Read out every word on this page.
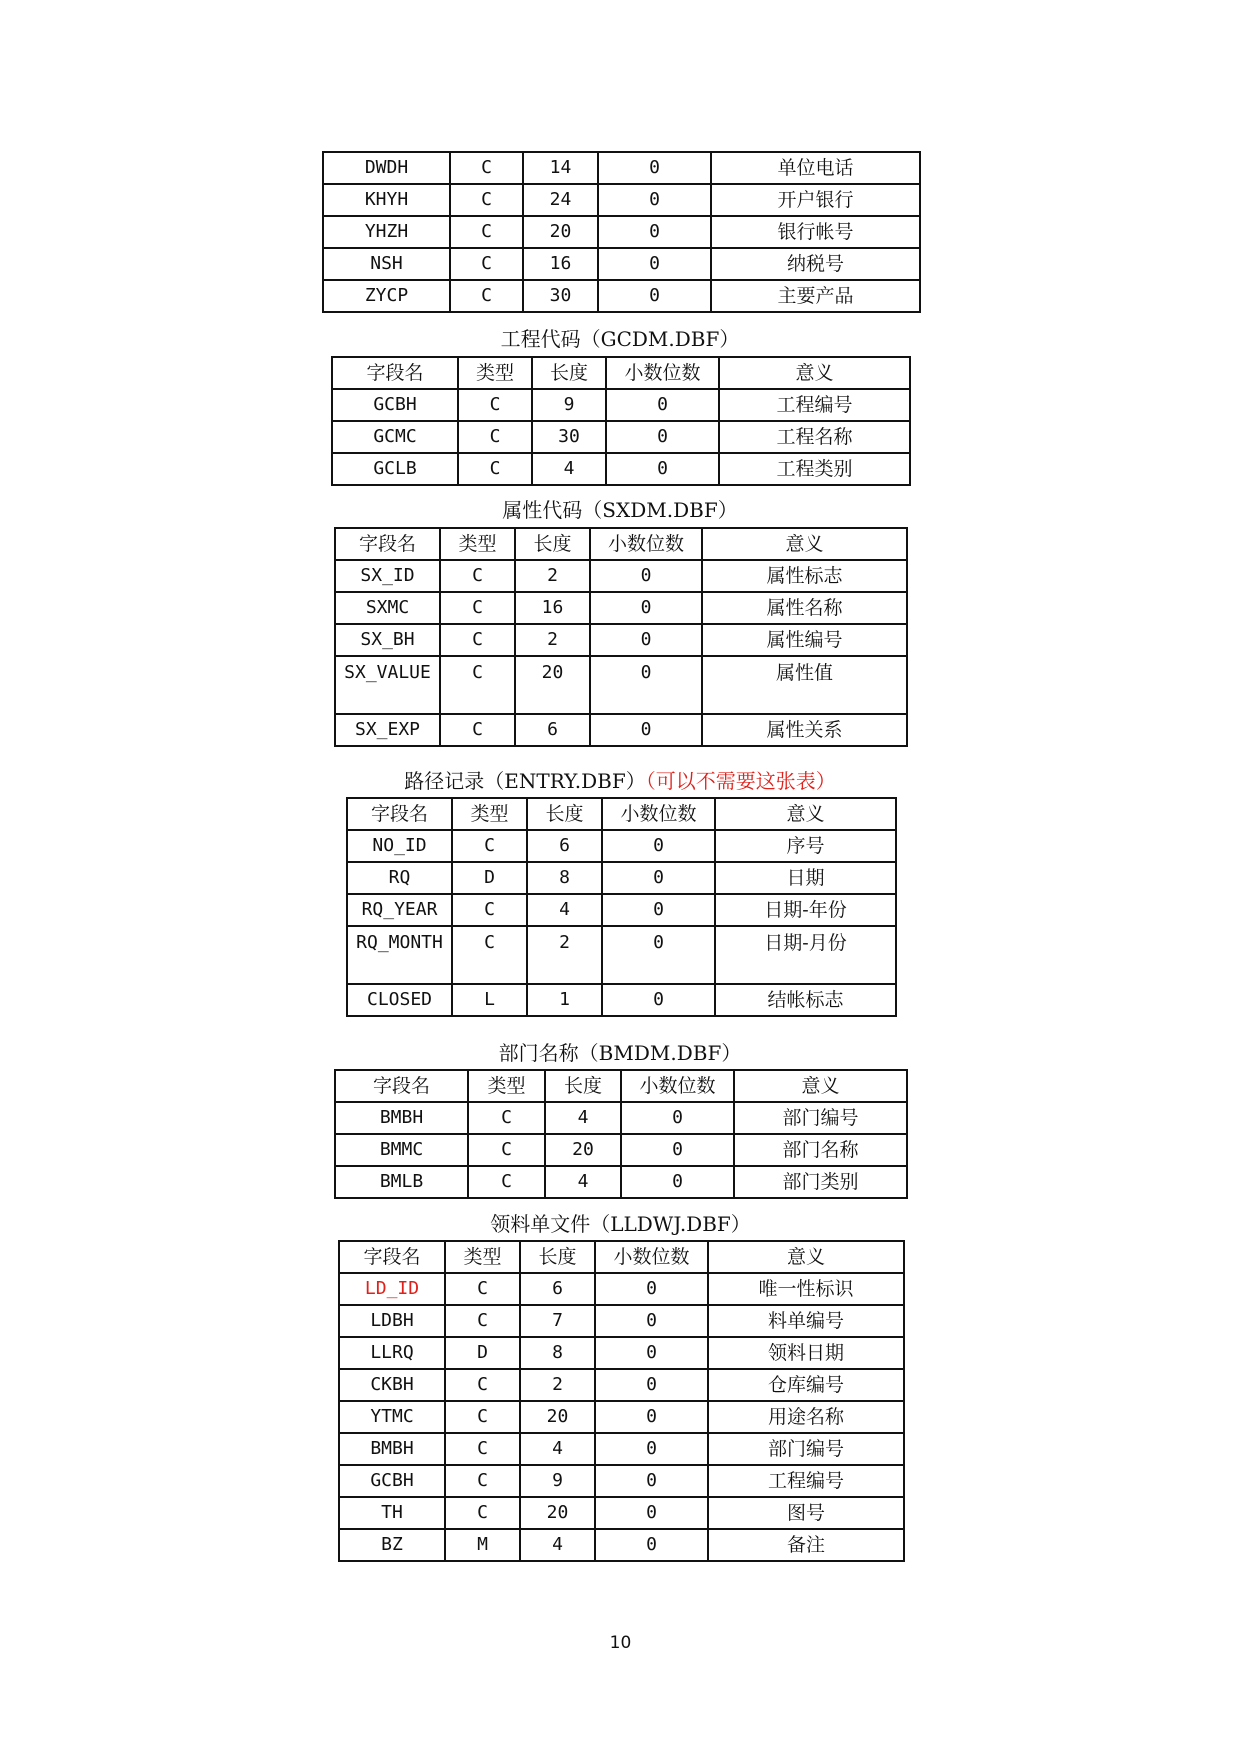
DWDH	C	14	0	单位电话
KHYH	C	24	0	开户银行
YHZH	C	20	0	银行帐号
NSH	C	16	0	纳税号
ZYCP	C	30	0	主要产品
工程代码（GCDM.DBF）
字段名	类型	长度	小数位数	意义
GCBH	C	9	0	工程编号
GCMC	C	30	0	工程名称
GCLB	C	4	0	工程类别
属性代码（SXDM.DBF）
字段名	类型	长度	小数位数	意义
SX_ID	C	2	0	属性标志
SXMC	C	16	0	属性名称
SX_BH	C	2	0	属性编号
SX_VALUE	C	20	0	属性值
SX_EXP	C	6	0	属性关系
路径记录（ENTRY.DBF）（可以不需要这张表）
字段名	类型	长度	小数位数	意义
NO_ID	C	6	0	序号
RQ	D	8	0	日期
RQ_YEAR	C	4	0	日期-年份
RQ_MONTH	C	2	0	日期-月份
CLOSED	L	1	0	结帐标志
部门名称（BMDM.DBF）
字段名	类型	长度	小数位数	意义
BMBH	C	4	0	部门编号
BMMC	C	20	0	部门名称
BMLB	C	4	0	部门类别
领料单文件（LLDWJ.DBF）
字段名	类型	长度	小数位数	意义
LD_ID	C	6	0	唯一性标识
LDBH	C	7	0	料单编号
LLRQ	D	8	0	领料日期
CKBH	C	2	0	仓库编号
YTMC	C	20	0	用途名称
BMBH	C	4	0	部门编号
GCBH	C	9	0	工程编号
TH	C	20	0	图号
BZ	M	4	0	备注
10
